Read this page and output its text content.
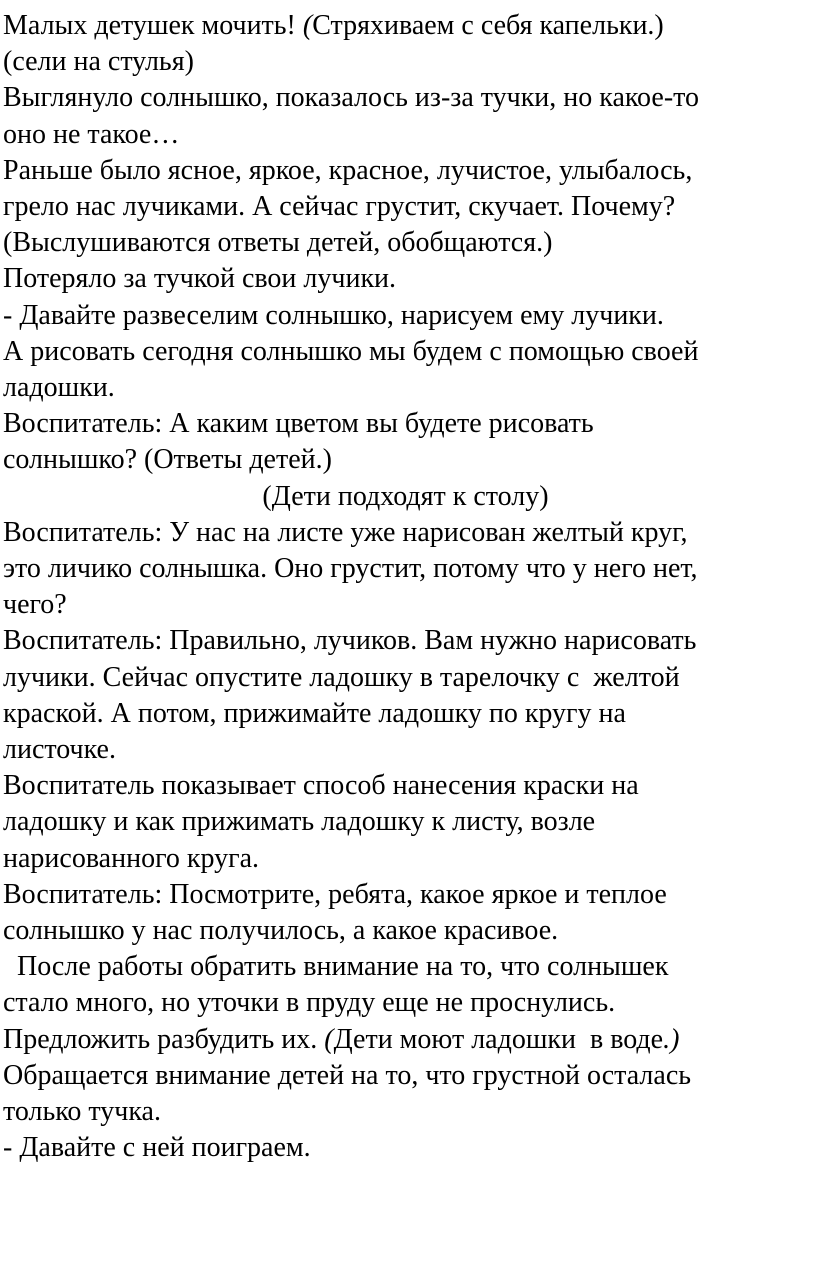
Малых детушек мочить! (Стряхиваем с себя капельки.)
(сели на стулья)
Выглянуло солнышко, показалось из-за тучки, но какое-то
оно не такое…
Раньше было ясное, яркое, красное, лучистое, улыбалось,
грело нас лучиками. А сейчас грустит, скучает. Почему?
(Выслушиваются ответы детей, обобщаются.)
Потеряло за тучкой свои лучики.
- Давайте развеселим солнышко, нарисуем ему лучики.
А рисовать сегодня солнышко мы будем с помощью своей
ладошки.
Воспитатель: А каким цветом вы будете рисовать
солнышко? (Ответы детей.)
(Дети подходят к столу)
Воспитатель: У нас на листе уже нарисован желтый круг,
это личико солнышка. Оно грустит, потому что у него нет,
чего?
Воспитатель: Правильно, лучиков. Вам нужно нарисовать
лучики. Сейчас опустите ладошку в тарелочку с  желтой
краской. А потом, прижимайте ладошку по кругу на
листочке.
Воспитатель показывает способ нанесения краски на
ладошку и как прижимать ладошку к листу, возле
нарисованного круга.
Воспитатель: Посмотрите, ребята, какое яркое и теплое
солнышко у нас получилось, а какое красивое.
После работы обратить внимание на то, что солнышек
стало много, но уточки в пруду еще не проснулись.
Предложить разбудить их. (Дети моют ладошки  в воде.)
Обращается внимание детей на то, что грустной осталась
только тучка.
- Давайте с ней поиграем.
